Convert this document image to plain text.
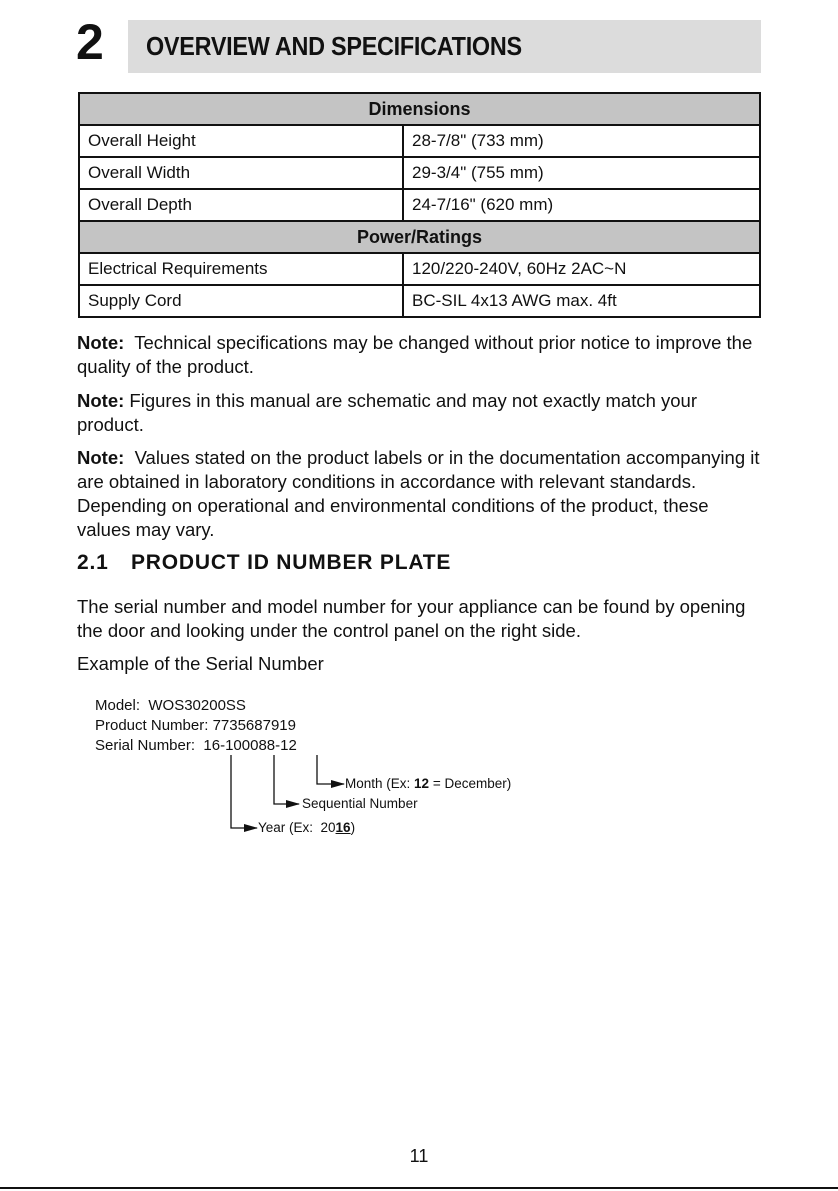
2 OVERVIEW AND SPECIFICATIONS
Dimensions	
Overall Height	28-7/8" (733 mm)
Overall Width	29-3/4" (755 mm)
Overall Depth	24-7/16" (620 mm)
Power/Ratings	
Electrical Requirements	120/220-240V, 60Hz 2AC~N
Supply Cord	BC-SIL 4x13 AWG max. 4ft

Note: Technical specifications may be changed without prior notice to improve the quality of the product.

Note: Figures in this manual are schematic and may not exactly match your product.

Note: Values stated on the product labels or in the documentation accompanying it are obtained in laboratory conditions in accordance with relevant standards. Depending on operational and environmental conditions of the product, these values may vary.

2.1 PRODUCT ID NUMBER PLATE

The serial number and model number for your appliance can be found by opening the door and looking under the control panel on the right side.

Example of the Serial Number

Model: WOS30200SS
Product Number: 7735687919
Serial Number: 16-100088-12
Month (Ex: 12 = December)
Sequential Number
Year (Ex:  2016)
11
